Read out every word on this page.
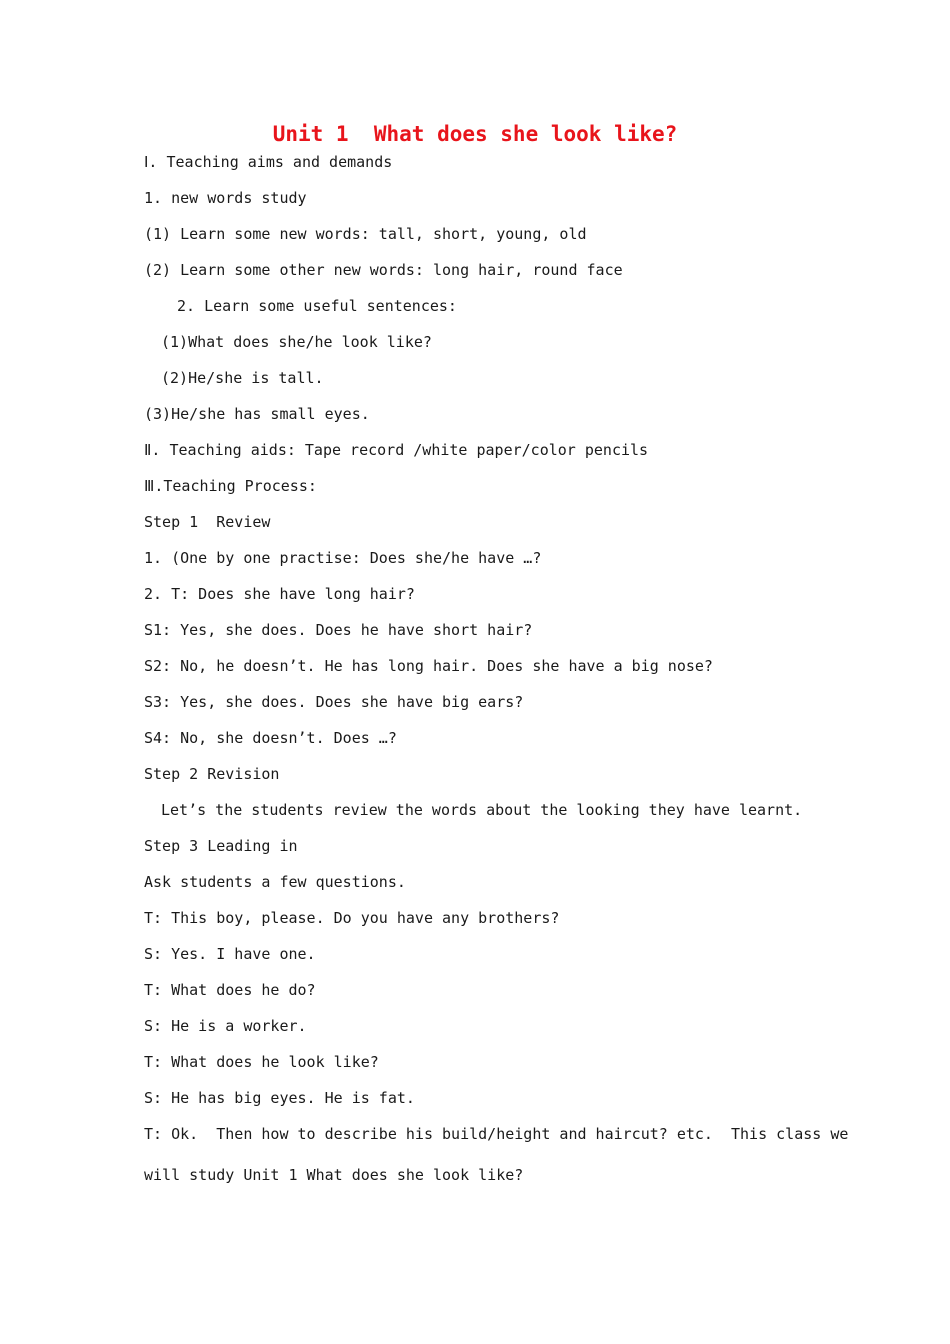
Unit 1  What does she look like?
Ⅰ. Teaching aims and demands
1. new words study
(1) Learn some new words: tall, short, young, old
(2) Learn some other new words: long hair, round face
2. Learn some useful sentences:
(1)What does she/he look like?
(2)He/she is tall.
(3)He/she has small eyes.
Ⅱ. Teaching aids: Tape record /white paper/color pencils
Ⅲ.Teaching Process:
Step 1  Review
1. (One by one practise: Does she/he have …?
2. T: Does she have long hair?
S1: Yes, she does. Does he have short hair?
S2: No, he doesn’t. He has long hair. Does she have a big nose?
S3: Yes, she does. Does she have big ears?
S4: No, she doesn’t. Does …?
Step 2 Revision
Let’s the students review the words about the looking they have learnt.
Step 3 Leading in
Ask students a few questions.
T: This boy, please. Do you have any brothers?
S: Yes. I have one.
T: What does he do?
S: He is a worker.
T: What does he look like?
S: He has big eyes. He is fat.
T: Ok.  Then how to describe his build/height and haircut? etc.  This class we
will study Unit 1 What does she look like?
